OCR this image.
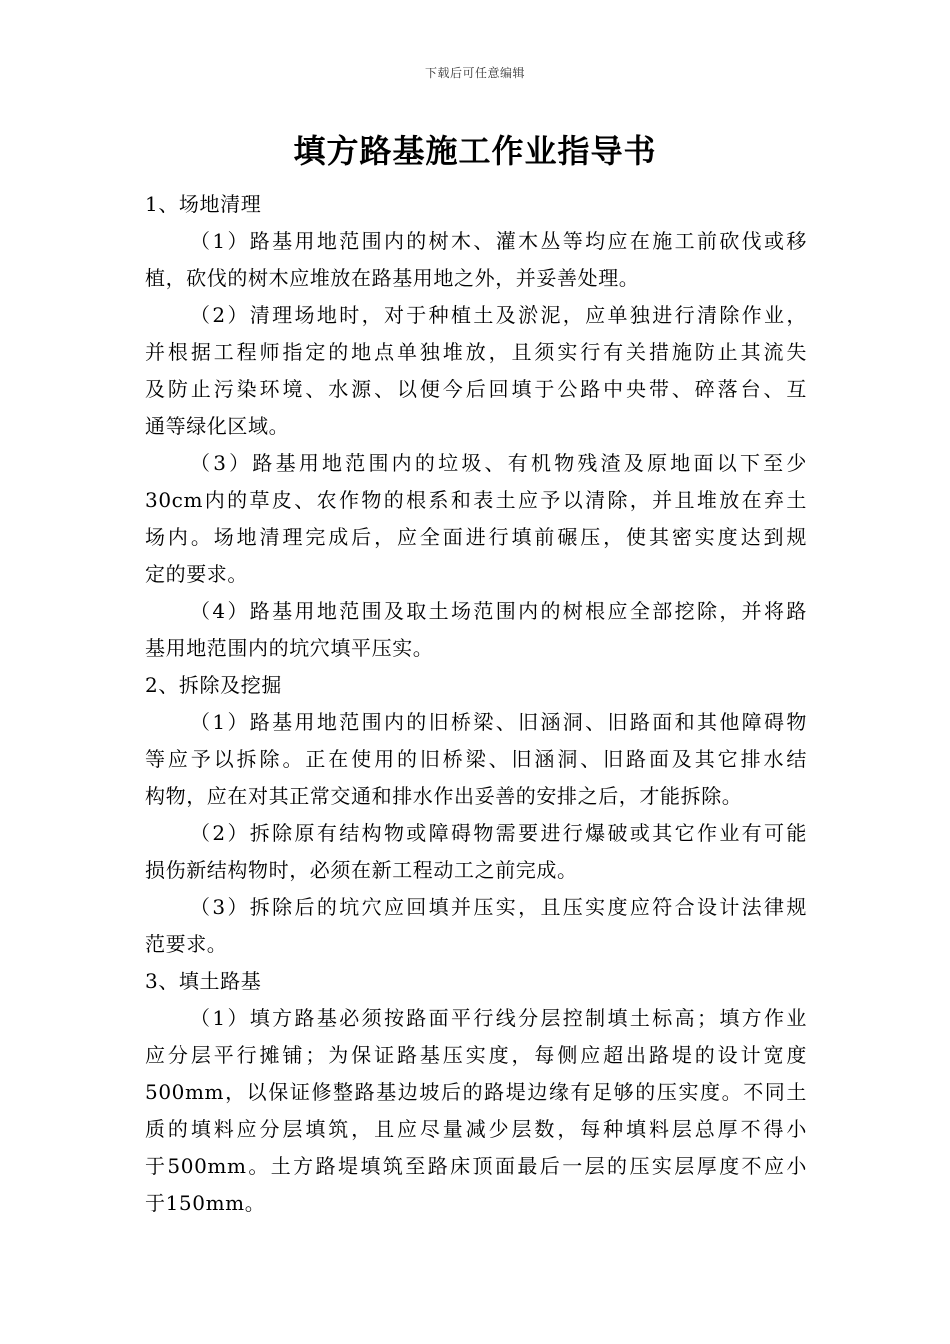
下载后可任意编辑
填方路基施工作业指导书
1、场地清理
（1）路基用地范围内的树木、灌木丛等均应在施工前砍伐或移
植，砍伐的树木应堆放在路基用地之外，并妥善处理。
（2）清理场地时，对于种植土及淤泥，应单独进行清除作业，
并根据工程师指定的地点单独堆放，且须实行有关措施防止其流失
及防止污染环境、水源、以便今后回填于公路中央带、碎落台、互
通等绿化区域。
（3）路基用地范围内的垃圾、有机物残渣及原地面以下至少
30cm内的草皮、农作物的根系和表土应予以清除，并且堆放在弃土
场内。场地清理完成后，应全面进行填前碾压，使其密实度达到规
定的要求。
（4）路基用地范围及取土场范围内的树根应全部挖除，并将路
基用地范围内的坑穴填平压实。
2、拆除及挖掘
（1）路基用地范围内的旧桥梁、旧涵洞、旧路面和其他障碍物
等应予以拆除。正在使用的旧桥梁、旧涵洞、旧路面及其它排水结
构物，应在对其正常交通和排水作出妥善的安排之后，才能拆除。
（2）拆除原有结构物或障碍物需要进行爆破或其它作业有可能
损伤新结构物时，必须在新工程动工之前完成。
（3）拆除后的坑穴应回填并压实，且压实度应符合设计法律规
范要求。
3、填土路基
（1）填方路基必须按路面平行线分层控制填土标高；填方作业
应分层平行摊铺；为保证路基压实度，每侧应超出路堤的设计宽度
500mm，以保证修整路基边坡后的路堤边缘有足够的压实度。不同土
质的填料应分层填筑，且应尽量减少层数，每种填料层总厚不得小
于500mm。土方路堤填筑至路床顶面最后一层的压实层厚度不应小
于150mm。
